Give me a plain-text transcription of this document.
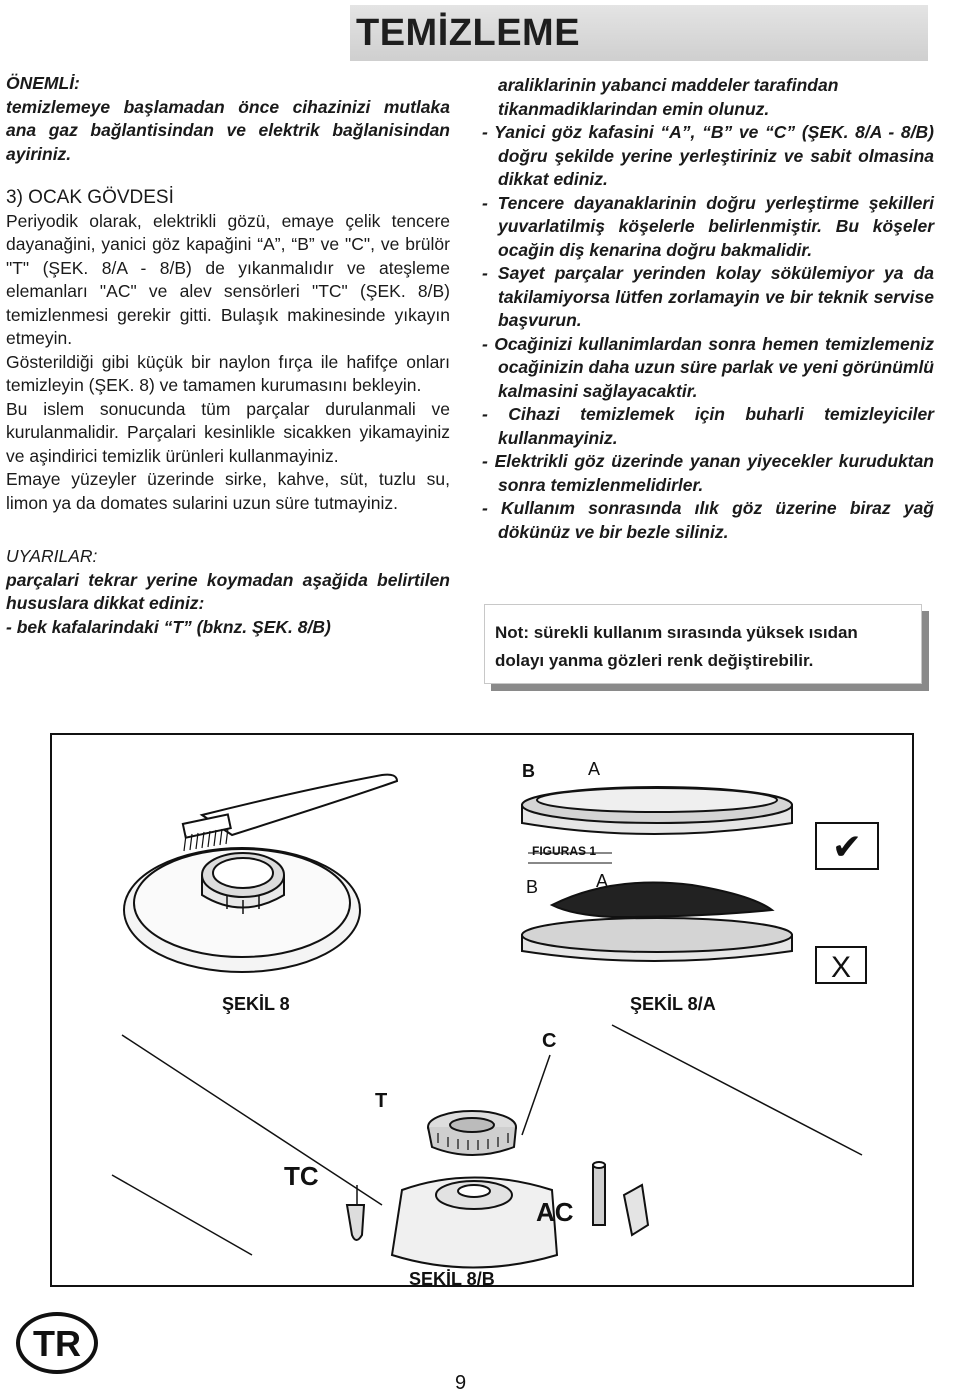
TEMİZLEME

ÖNEMLİ:

temizlemeye başlamadan önce cihazinizi mutlaka ana gaz bağlantisindan ve elektrik bağlanisindan ayiriniz.

3) OCAK GÖVDESİ

Periyodik olarak, elektrikli gözü, emaye çelik tencere dayanağini, yanici göz kapağini “A”, “B” ve "C", ve brülör "T" (ŞEK. 8/A - 8/B) de yıkanmalıdır ve ateşleme elemanları "AC" ve alev sensörleri "TC" (ŞEK. 8/B) temizlenmesi gerekir gitti. Bulaşık makinesinde yıkayın etmeyin.

Gösterildiği gibi küçük bir naylon fırça ile hafifçe onları temizleyin (ŞEK. 8) ve tamamen kurumasını bekleyin.

Bu islem sonucunda tüm parçalar durulanmali ve kurulanmalidir. Parçalari kesinlikle sicakken yikamayiniz ve aşindirici temizlik ürünleri kullanmayiniz.

Emaye yüzeyler üzerinde sirke, kahve, süt, tuzlu su, limon ya da domates sularini uzun süre tutmayiniz.

UYARILAR:

parçalari tekrar yerine koymadan aşağida belirtilen hususlara dikkat ediniz:

- bek kafalarindaki “T” (bknz. ŞEK. 8/B)

araliklarinin yabanci maddeler tarafindan tikanmadiklarindan emin olunuz.

- Yanici göz kafasini “A”, “B” ve “C” (ŞEK. 8/A - 8/B) doğru şekilde yerine yerleştiriniz ve sabit olmasina dikkat ediniz.

- Tencere dayanaklarinin doğru yerleştirme şekilleri yuvarlatilmiş köşelerle belirlenmiştir. Bu köşeler ocağin diş kenarina doğru bakmalidir.

- Sayet parçalar yerinden kolay sökülemiyor ya da takilamiyorsa lütfen zorlamayin ve bir teknik servise başvurun.

- Ocağinizi kullanimlardan sonra hemen temizlemeniz ocağinizin daha uzun süre parlak ve yeni görünümlü kalmasini sağlayacaktir.

- Cihazi temizlemek için buharli temizleyiciler kullanmayiniz.

- Elektrikli göz üzerinde yanan yiyecekler kuruduktan sonra temizlenmelidirler.

- Kullanım sonrasında ılık göz üzerine biraz yağ dökünüz ve bir bezle siliniz.

Not: sürekli kullanım sırasında yüksek ısıdan dolayı yanma gözleri renk değiştirebilir.
✔
X
B	A
FIGURAS 1
B	A
ŞEKİL 8	ŞEKİL 8/A
C
T
TC
AC
ŞEKİL 8/B
TR
9
